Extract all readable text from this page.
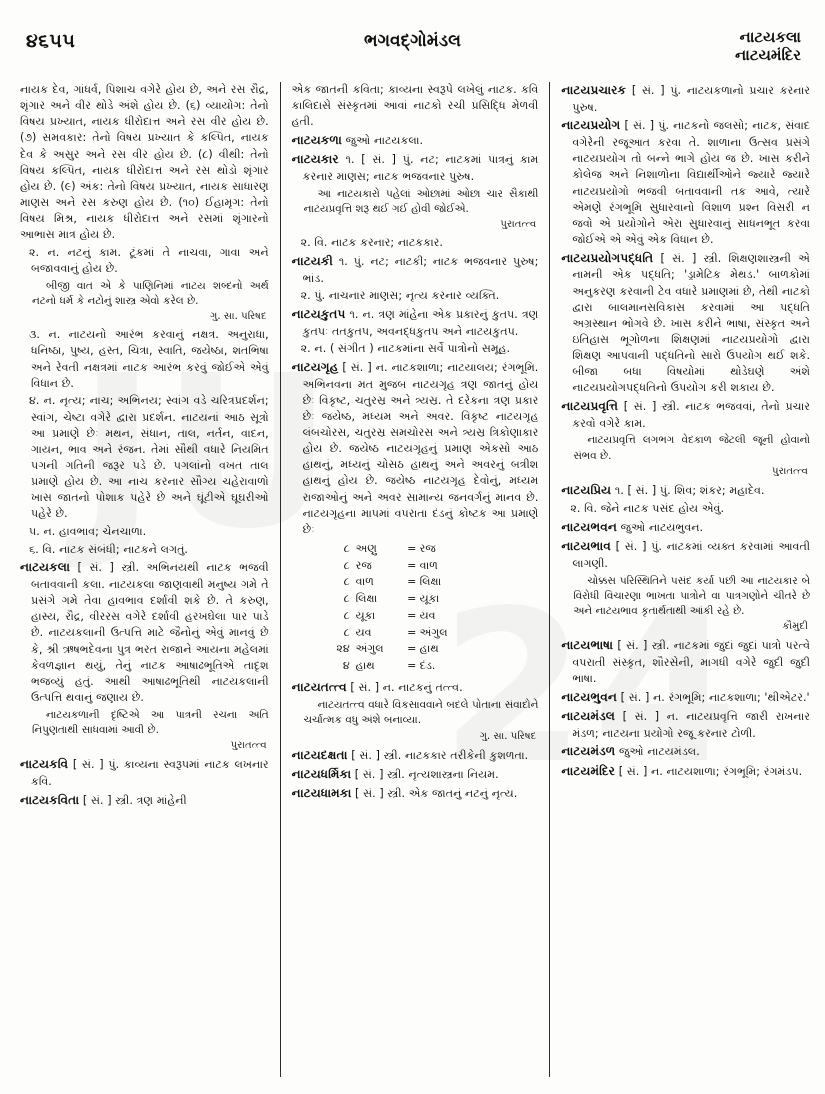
૪૬૫૫	ભગવદ્ગોમંડલ	નાટયકલા
નાટયમંદિર
નાયક દેવ, ગાંધર્વ, પિશાચ વગેરે હોય છે, અને રસ રૌદ્ર, શૃંગાર અને વીર થોડે અંશે હોય છે. (૬) વ્યાયોગ: તેનો વિષય પ્રખ્યાત, નાયક ધીરોદાત્ત અને રસ વીર હોય છે. (૭) સમવકાર: તેનો વિષય પ્રખ્યાત કે કલ્પિત, નાયક દેવ કે અસુર અને રસ વીર હોય છે. (૮) વીથી: તેનો વિષય કલ્પિત, નાયક ધીરોદાત્ત અને રસ થોડો શૃંગાર હોય છે. (૯) અંક: તેનો વિષય પ્રખ્યાત, નાયક સાધારણ માણસ અને રસ કરુણ હોય છે. (૧૦) ઈહામૃગ: તેનો વિષય મિશ્ર, નાયક ધીરોદાત્ત અને રસમાં શૃંગારનો આભાસ માત્ર હોય છે.
૨. ન. નટનું કામ. ટૂંકમાં તે નાચવા, ગાવા અને બજાવવાનું હોય છે.
બીજી વાત એ કે પાણિનિમાં નાટય શબ્દનો અર્થ નટનો ધર્મ કે નટોનું શાસ્ત્ર એવો કરેલ છે.
ગુ. સા. પરિષદ
૩. ન. નાટયનો આરંભ કરવાનું નક્ષત્ર. અનુરાધા, ધનિષ્ઠા, પુષ્ય, હસ્ત, ચિત્રા, સ્વાતિ, જયેષ્ઠા, શતભિષા અને રેવતી નક્ષત્રમાં નાટક આરંભ કરવું જોઈએ એવું વિધાન છે.
૪. ન. નૃત્ય; નાચ; અભિનય; સ્વાંગ વડે ચરિત્રપ્રદર્શન; સ્વાંગ, ચેષ્ટા વગેરે દ્વારા પ્રદર્શન. નાટયનાં આઠ સૂત્રો આ પ્રમાણે છેઃ મથન, સંધાન, તાલ, નર્તન, વાદન, ગાયન, ભાવ અને રંજન. તેમાં સૌથી વધારે નિયમિત પગની ગતિની જરૂર પડે છે. પગલાંનો વખત તાલ પ્રમાણે હોય છે. આ નાચ કરનાર સૌગ્ય ચહેરાવાળો ખાસ જાતનો પોશાક પહેરે છે અને ઘૂંટીએ ઘૂઘરીઓ પહેરે છે.
૫. ન. હાવભાવ; ચેનચાળા.
૬. વિ. નાટક સંબંધી; નાટકને લગતું.
નાટયકલા [ સં. ] સ્ત્રી. અભિનયથી નાટક ભજવી બતાવવાની કલા. નાટયકલા જાણવાથી મનુષ્ય ગમે તે પ્રસંગે ગમે તેવા હાવભાવ દર્શાવી શકે છે. તે કરુણ, હાસ્ય, રૌદ્ર, વીરરસ વગેરે દર્શાવી હરખઘેલા પાર પાડે છે. નાટયકલાની ઉત્પત્તિ માટે જૈનોનું એવું માનવું છે કે, શ્રી ઋષભદેવના પુત્ર ભરત રાજાને આયના મહેલમાં કેવળજ્ઞાન થયું, તેનું નાટક આષાઢભૂતિએ તાદૃશ ભજવ્યું હતું. આથી આષાઢભૂતિથી નાટયકલાની ઉત્પત્તિ થવાનું જણાય છે.
નાટયકળાની દૃષ્ટિએ આ પાત્રની રચના અતિ નિપુણતાથી સાધવામાં આવી છે.
પુરાતત્ત્વ
નાટયકવિ [ સં. ] પું. કાવ્યના સ્વરૂપમાં નાટક લખનાર કવિ.
નાટયકવિતા [ સં. ] સ્ત્રી. ત્રણ માંહેની
એક જાતની કવિતા; કાવ્યના સ્વરૂપે લખેલું નાટક. કવિ કાલિદાસે સંસ્કૃતમાં આવાં નાટકો રચી પ્રસિદ્ધિ મેળવી હતી.
નાટયકળા જુઓ નાટયકલા.
નાટયકાર ૧. [ સં. ] પું. નટ; નાટકમાં પાત્રનું કામ કરનાર માણસ; નાટક ભજવનાર પુરુષ.
આ નાટયકારો પહેલાં ઓછામાં ઓછા ચાર સૈકાથી નાટયપ્રવૃત્તિ શરૂ થઈ ગઈ હોવી જોઈએ.
પુરાતત્ત્વ
૨. વિ. નાટક કરનાર; નાટકકાર.
નાટયકી ૧. પું. નટ; નાટકી; નાટક ભજવનાર પુરુષ; ભાંડ.
૨. પું. નાચનાર માણસ; નૃત્ય કરનાર વ્યક્તિ.
નાટયકુતપ ૧. ન. ત્રણ માંહેના એક પ્રકારનું કુતપ. ત્રણ કુતપઃ તતકુતપ, અવનદ્ધકુતપ અને નાટયકુતપ.
૨. ન. ( સંગીત ) નાટકમાંના સર્વે પાત્રોનો સમૂહ.
નાટયગૃહ [ સં. ] ન. નાટકશાળા; નાટયાલય; રંગભૂમિ. અભિનવના મત મુજબ નાટયગૃહ ત્રણ જાતનું હોય છેઃ વિકૃષ્ટ, ચતુરસ્ર અને ત્ર્યસ્ર. તે દરેકના ત્રણ પ્રકાર છેઃ જયેષ્ઠ, મધ્યમ અને અવર. વિકૃષ્ટ નાટયગૃહ લંબચોરસ, ચતુરસ્ર સમચોરસ અને ત્ર્યસ્ર ત્રિકોણાકાર હોય છે. જયેષ્ઠ નાટયગૃહનું પ્રમાણ એકસો આઠ હાથનું, મધ્યનું ચોસઠ હાથનું અને અવરનું બત્રીશ હાથનું હોય છે. જયેષ્ઠ નાટયગૃહ દેવોનું, મધ્યમ રાજાઓનું અને અવર સામાન્ય જનવર્ગનું માનવ છે. નાટયગૃહના માપમાં વપરાતા દંડનું કોષ્ટક આ પ્રમાણે છેઃ
૮ અણુ	= રજ
૮ રજ	= વાળ
૮ વાળ	= લિક્ષા
૮ લિક્ષા	= યૂકા
૮ યૂકા	= યવ
૮ યવ	= અંગુલ
૨૪ અંગુલ	= હાથ
૪ હાથ	= દંડ.
નાટયતત્ત્વ [ સં. ] ન. નાટકનું તત્ત્વ.
નાટયતત્ત્વ વધારે વિકસાવવાને બદલે પોતાના સંવાદોને ચર્ચાત્મક વધુ અંશે બનાવ્યા.
ગુ. સા. પરિષદ
નાટયદક્ષતા [ સં. ] સ્ત્રી. નાટકકાર તરીકેની કુશળતા.
નાટયધર્મિકા [ સં. ] સ્ત્રી. નૃત્યશાસ્ત્રના નિયમ.
નાટયધામકા [ સં. ] સ્ત્રી. એક જાતનું નટનું નૃત્ય.
નાટયપ્રચારક [ સં. ] પું. નાટયકળાનો પ્રચાર કરનાર પુરુષ.
નાટયપ્રયોગ [ સં. ] પું. નાટકનો જલસો; નાટક, સંવાદ વગેરેની રજૂઆત કરવા તે. શાળાના ઉત્સવ પ્રસંગે નાટયપ્રયોગ તો બન્ને ભાગે હોય જ છે. ખાસ કરીને કોલેજ અને નિશાળોના વિદ્યાર્થીઓને જ્યારે જ્યારે નાટયપ્રયોગો ભજવી બતાવવાની તક આવે, ત્યારે એમણે રંગભૂમિ સુધારવાનો વિશાળ પ્રશ્ન વિસરી ન જવો એ પ્રયોગોને એરા સુધારવાનું સાધનભૂત કરવા જોઈએ એ એવું એક વિધાન છે.
નાટયપ્રયોગપદ્ધતિ [ સં. ] સ્ત્રી. શિક્ષણશાસ્ત્રની એ નામની એક પદ્ધતિ; 'ડ્રામેટિક મેથડ.' બાળકોમાં અનુકરણ કરવાની ટેવ વધારે પ્રમાણમાં છે, તેથી નાટકો દ્વારા બાલમાનસવિકાસ કરવામાં આ પદ્ધતિ અગ્રસ્થાન ભોગવે છે. ખાસ કરીને ભાષા, સંસ્કૃત અને ઇતિહાસ ભૂગોળના શિક્ષણમાં નાટયપ્રયોગો દ્વારા શિક્ષણ આપવાની પદ્ધતિનો સારો ઉપયોગ થઈ શકે. બીજા બધા વિષયોમાં થોડેઘણે અંશે નાટયપ્રયોગપદ્ધતિનો ઉપયોગ કરી શકાય છે.
નાટયપ્રવૃત્તિ [ સં. ] સ્ત્રી. નાટક ભજવવાં, તેનો પ્રચાર કરવો વગેરે કામ.
નાટયપ્રવૃત્તિ લગભગ વેદકાળ જેટલી જૂની હોવાનો સંભવ છે.
પુરાતત્ત્વ
નાટયપ્રિય ૧. [ સં. ] પું. શિવ; શંકર; મહાદેવ.
૨. વિ. જેને નાટક પસંદ હોય એવું.
નાટયભવન જુઓ નાટયભુવન.
નાટયભાવ [ સં. ] પું. નાટકમાં વ્યક્ત કરવામાં આવતી લાગણી.
ચોક્કસ પરિસ્થિતિને પસંદ કર્યા પછી આ નાટયકાર બે વિરોધી વિચારણા ભાખતા પાત્રોને વા પાત્રગણોને ચીતરે છે અને નાટયભાવ કૃતાર્થતાથી આંકી રહે છે.
કૌમુદી
નાટયભાષા [ સં. ] સ્ત્રી. નાટકમાં જુદાં જુદાં પાત્રો પરત્વે વપરાતી સંસ્કૃત, શૌરસેની, માગધી વગેરે જુદી જુદી ભાષા.
નાટયભુવન [ સં. ] ન. રંગભૂમિ; નાટકશાળા; 'થીએટર.'
નાટયમંડલ [ સં. ] ન. નાટયપ્રવૃત્તિ જારી રાખનાર મંડળ; નાટયના પ્રયોગો રજૂ કરનાર ટોળી.
નાટયમંડળ જુઓ નાટયમંડલ.
નાટયમંદિર [ સં. ] ન. નાટયશાળા; રંગભૂમિ; રંગમંડપ.
